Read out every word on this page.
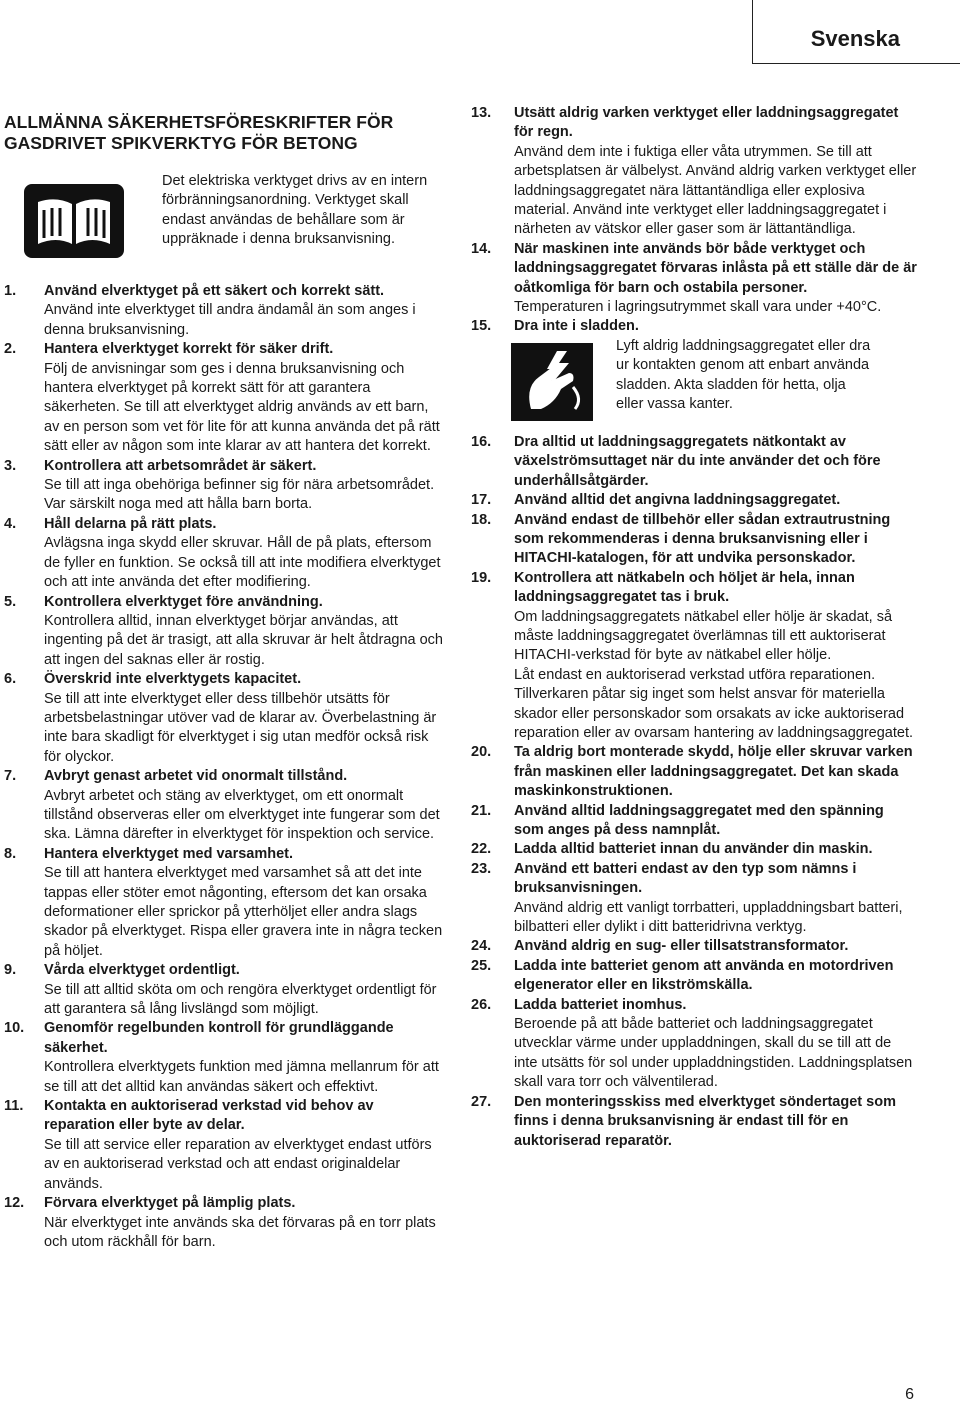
Svenska
ALLMÄNNA SÄKERHETSFÖRESKRIFTER FÖR GASDRIVET SPIKVERKTYG FÖR BETONG
Det elektriska verktyget drivs av en intern förbränningsanordning. Verktyget skall endast användas de behållare som är uppräknade i denna bruksanvisning.
1.	Använd elverktyget på ett säkert och korrekt sätt.
Använd inte elverktyget till andra ändamål än som anges i denna bruksanvisning.
2.	Hantera elverktyget korrekt för säker drift.
Följ de anvisningar som ges i denna bruksanvisning och hantera elverktyget på korrekt sätt för att garantera säkerheten. Se till att elverktyget aldrig används av ett barn, av en person som vet för lite för att kunna använda det på rätt sätt eller av någon som inte klarar av att hantera det korrekt.
3.	Kontrollera att arbetsområdet är säkert.
Se till att inga obehöriga befinner sig för nära arbetsområdet. Var särskilt noga med att hålla barn borta.
4.	Håll delarna på rätt plats.
Avlägsna inga skydd eller skruvar. Håll de på plats, eftersom de fyller en funktion. Se också till att inte modifiera elverktyget och att inte använda det efter modifiering.
5.	Kontrollera elverktyget före användning.
Kontrollera alltid, innan elverktyget börjar användas, att ingenting på det är trasigt, att alla skruvar är helt åtdragna och att ingen del saknas eller är rostig.
6.	Överskrid inte elverktygets kapacitet.
Se till att inte elverktyget eller dess tillbehör utsätts för arbetsbelastningar utöver vad de klarar av. Överbelastning är inte bara skadligt för elverktyget i sig utan medför också risk för olyckor.
7.	Avbryt genast arbetet vid onormalt tillstånd.
Avbryt arbetet och stäng av elverktyget, om ett onormalt tillstånd observeras eller om elverktyget inte fungerar som det ska. Lämna därefter in elverktyget för inspektion och service.
8.	Hantera elverktyget med varsamhet.
Se till att hantera elverktyget med varsamhet så att det inte tappas eller stöter emot någonting, eftersom det kan orsaka deformationer eller sprickor på ytterhöljet eller andra slags skador på elverktyget. Rispa eller gravera inte in några tecken på höljet.
9.	Vårda elverktyget ordentligt.
Se till att alltid sköta om och rengöra elverktyget ordentligt för att garantera så lång livslängd som möjligt.
10.	Genomför regelbunden kontroll för grundläggande säkerhet.
Kontrollera elverktygets funktion med jämna mellanrum för att se till att det alltid kan användas säkert och effektivt.
11.	Kontakta en auktoriserad verkstad vid behov av reparation eller byte av delar.
Se till att service eller reparation av elverktyget endast utförs av en auktoriserad verkstad och att endast originaldelar används.
12.	Förvara elverktyget på lämplig plats.
När elverktyget inte används ska det förvaras på en torr plats och utom räckhåll för barn.
13.	Utsätt aldrig varken verktyget eller laddningsaggregatet för regn.
Använd dem inte i fuktiga eller våta utrymmen. Se till att arbetsplatsen är välbelyst. Använd aldrig varken verktyget eller laddningsaggregatet nära lättantändliga eller explosiva material. Använd inte verktyget eller laddningsaggregatet i närheten av vätskor eller gaser som är lättantändliga.
14.	När maskinen inte används bör både verktyget och laddningsaggregatet förvaras inlåsta på ett ställe där de är oåtkomliga för barn och ostabila personer.
Temperaturen i lagringsutrymmet skall vara under +40°C.
15.	Dra inte i sladden.
Lyft aldrig laddningsaggregatet eller dra ur kontakten genom att enbart använda sladden. Akta sladden för hetta, olja eller vassa kanter.
16.	Dra alltid ut laddningsaggregatets nätkontakt av växelströmsuttaget när du inte använder det och före underhållsåtgärder.
17.	Använd alltid det angivna laddningsaggregatet.
18.	Använd endast de tillbehör eller sådan extrautrustning som rekommenderas i denna bruksanvisning eller i HITACHI-katalogen, för att undvika personskador.
19.	Kontrollera att nätkabeln och höljet är hela, innan laddningsaggregatet tas i bruk.
Om laddningsaggregatets nätkabel eller hölje är skadat, så måste laddningsaggregatet överlämnas till ett auktoriserat HITACHI-verkstad för byte av nätkabel eller hölje.
Låt endast en auktoriserad verkstad utföra reparationen. Tillverkaren påtar sig inget som helst ansvar för materiella skador eller personskador som orsakats av icke auktoriserad reparation eller av ovarsam hantering av laddningsaggregatet.
20.	Ta aldrig bort monterade skydd, hölje eller skruvar varken från maskinen eller laddningsaggregatet. Det kan skada maskinkonstruktionen.
21.	Använd alltid laddningsaggregatet med den spänning som anges på dess namnplåt.
22.	Ladda alltid batteriet innan du använder din maskin.
23.	Använd ett batteri endast av den typ som nämns i bruksanvisningen.
Använd aldrig ett vanligt torrbatteri, uppladdningsbart batteri, bilbatteri eller dylikt i ditt batteridrivna verktyg.
24.	Använd aldrig en sug- eller tillsatstransformator.
25.	Ladda inte batteriet genom att använda en motordriven elgenerator eller en likströmskälla.
26.	Ladda batteriet inomhus.
Beroende på att både batteriet och laddningsaggregatet utvecklar värme under uppladdningen, skall du se till att de inte utsätts för sol under uppladdningstiden. Laddningsplatsen skall vara torr och välventilerad.
27.	Den monteringsskiss med elverktyget söndertaget som finns i denna bruksanvisning är endast till för en auktoriserad reparatör.
6
